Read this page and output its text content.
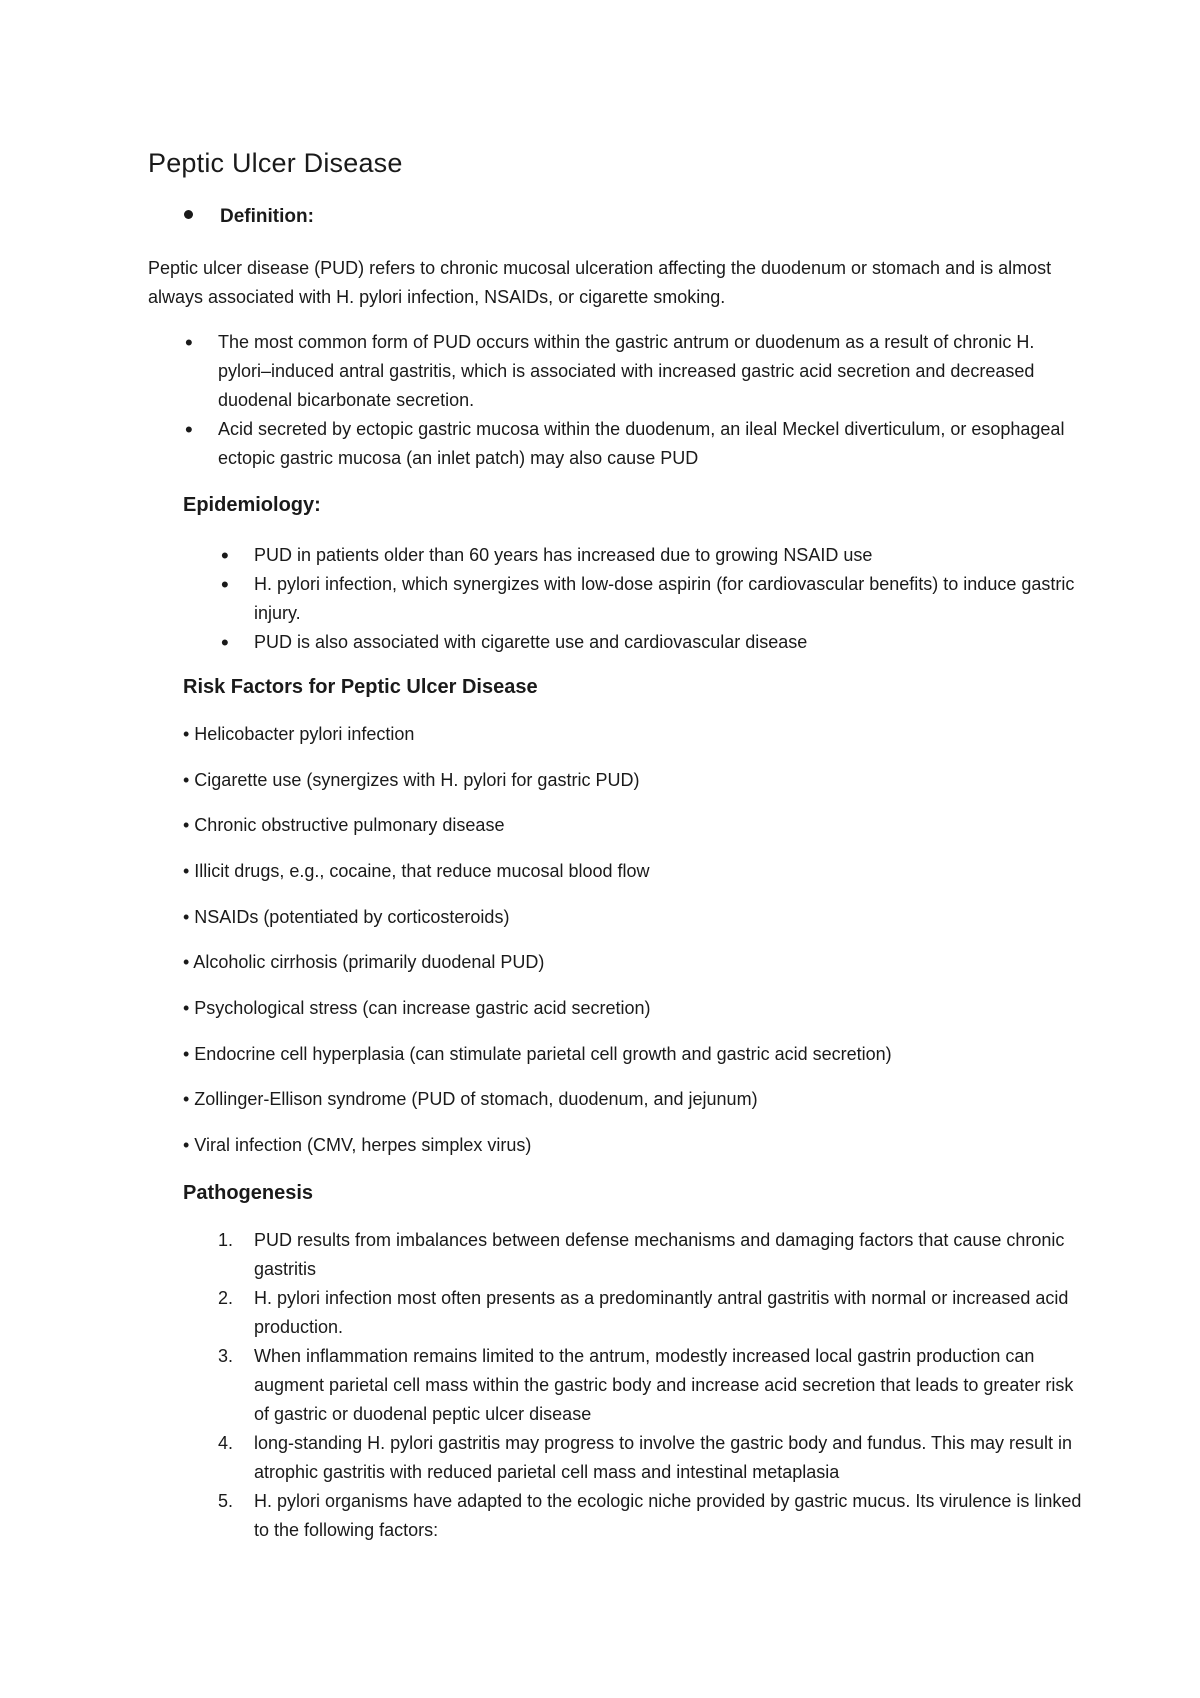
Peptic Ulcer Disease
Definition:

Peptic ulcer disease (PUD) refers to chronic mucosal ulceration affecting the duodenum or stomach and is almost always associated with H. pylori infection, NSAIDs, or cigarette smoking.

• The most common form of PUD occurs within the gastric antrum or duodenum as a result of chronic H. pylori–induced antral gastritis, which is associated with increased gastric acid secretion and decreased duodenal bicarbonate secretion.
• Acid secreted by ectopic gastric mucosa within the duodenum, an ileal Meckel diverticulum, or esophageal ectopic gastric mucosa (an inlet patch) may also cause PUD
Epidemiology:
• PUD in patients older than 60 years has increased due to growing NSAID use
• H. pylori infection, which synergizes with low-dose aspirin (for cardiovascular benefits) to induce gastric injury.
• PUD is also associated with cigarette use and cardiovascular disease
Risk Factors for Peptic Ulcer Disease

• Helicobacter pylori infection

• Cigarette use (synergizes with H. pylori for gastric PUD)

• Chronic obstructive pulmonary disease

• Illicit drugs, e.g., cocaine, that reduce mucosal blood flow

• NSAIDs (potentiated by corticosteroids)

• Alcoholic cirrhosis (primarily duodenal PUD)

• Psychological stress (can increase gastric acid secretion)

• Endocrine cell hyperplasia (can stimulate parietal cell growth and gastric acid secretion)

• Zollinger-Ellison syndrome (PUD of stomach, duodenum, and jejunum)

• Viral infection (CMV, herpes simplex virus)

Pathogenesis
1. PUD results from imbalances between defense mechanisms and damaging factors that cause chronic gastritis
2. H. pylori infection most often presents as a predominantly antral gastritis with normal or increased acid production.
3. When inflammation remains limited to the antrum, modestly increased local gastrin production can augment parietal cell mass within the gastric body and increase acid secretion that leads to greater risk of gastric or duodenal peptic ulcer disease
4. long-standing H. pylori gastritis may progress to involve the gastric body and fundus. This may result in atrophic gastritis with reduced parietal cell mass and intestinal metaplasia
5. H. pylori organisms have adapted to the ecologic niche provided by gastric mucus. Its virulence is linked to the following factors:
